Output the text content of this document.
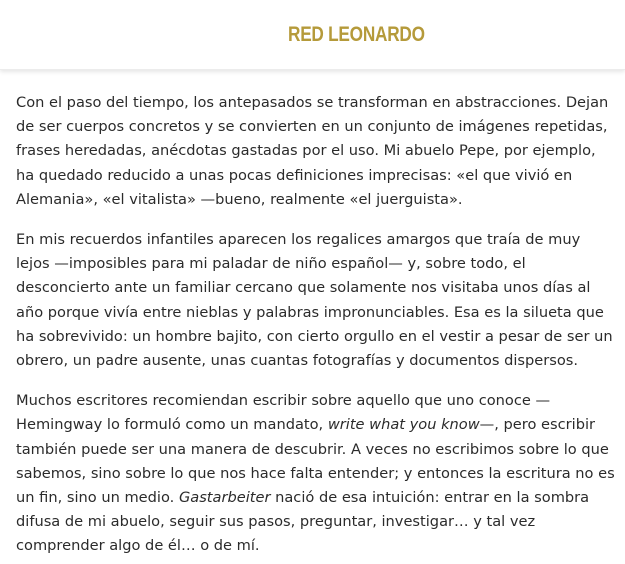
RED LEONARDO

Con el paso del tiempo, los antepasados se transforman en abstracciones. Dejan de ser cuerpos concretos y se convierten en un conjunto de imágenes repetidas, frases heredadas, anécdotas gastadas por el uso. Mi abuelo Pepe, por ejemplo, ha quedado reducido a unas pocas definiciones imprecisas: «el que vivió en Alemania», «el vitalista» —bueno, realmente «el juerguista».

En mis recuerdos infantiles aparecen los regalices amargos que traía de muy lejos —imposibles para mi paladar de niño español— y, sobre todo, el desconcierto ante un familiar cercano que solamente nos visitaba unos días al año porque vivía entre nieblas y palabras impronunciables. Esa es la silueta que ha sobrevivido: un hombre bajito, con cierto orgullo en el vestir a pesar de ser un obrero, un padre ausente, unas cuantas fotografías y documentos dispersos.

Muchos escritores recomiendan escribir sobre aquello que uno conoce —Hemingway lo formuló como un mandato, write what you know—, pero escribir también puede ser una manera de descubrir. A veces no escribimos sobre lo que sabemos, sino sobre lo que nos hace falta entender; y entonces la escritura no es un fin, sino un medio. Gastarbeiter nació de esa intuición: entrar en la sombra difusa de mi abuelo, seguir sus pasos, preguntar, investigar… y tal vez comprender algo de él… o de mí.
